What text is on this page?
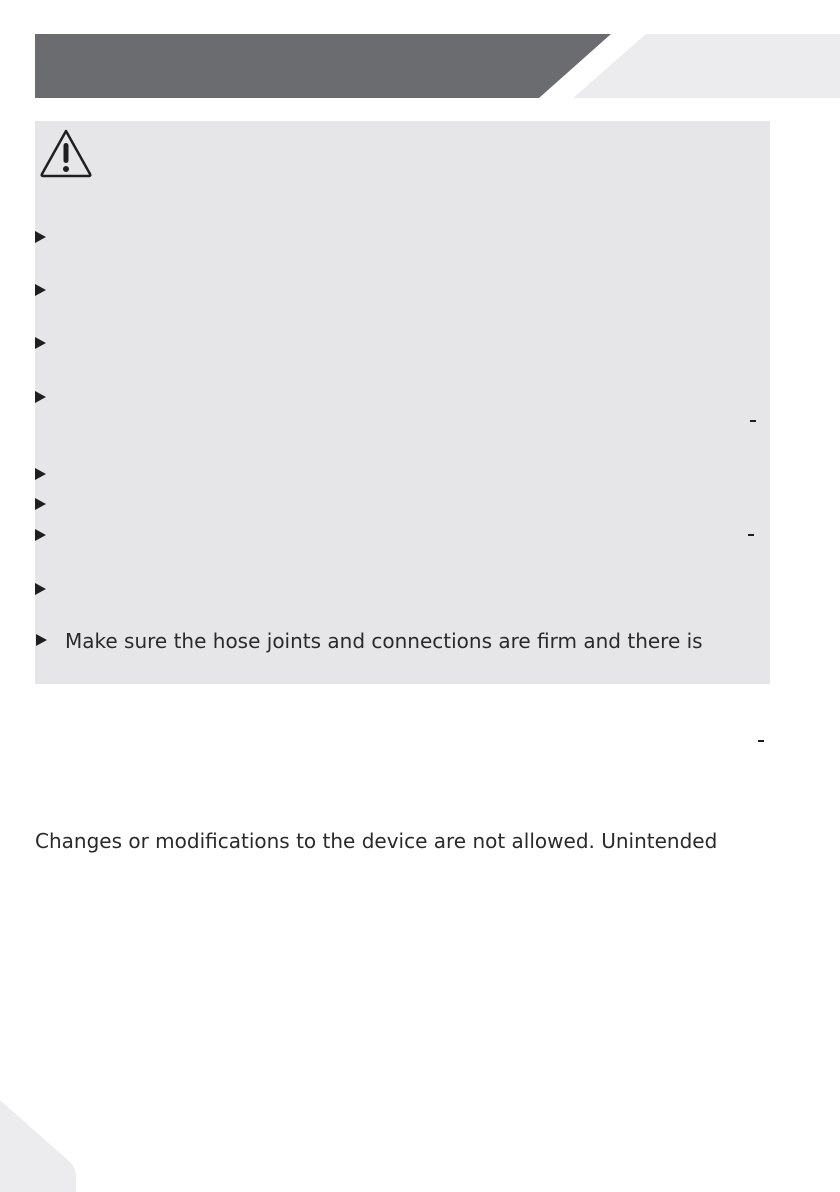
Make sure the hose joints and connections are firm and there is

Changes or modifications to the device are not allowed. Unintended
